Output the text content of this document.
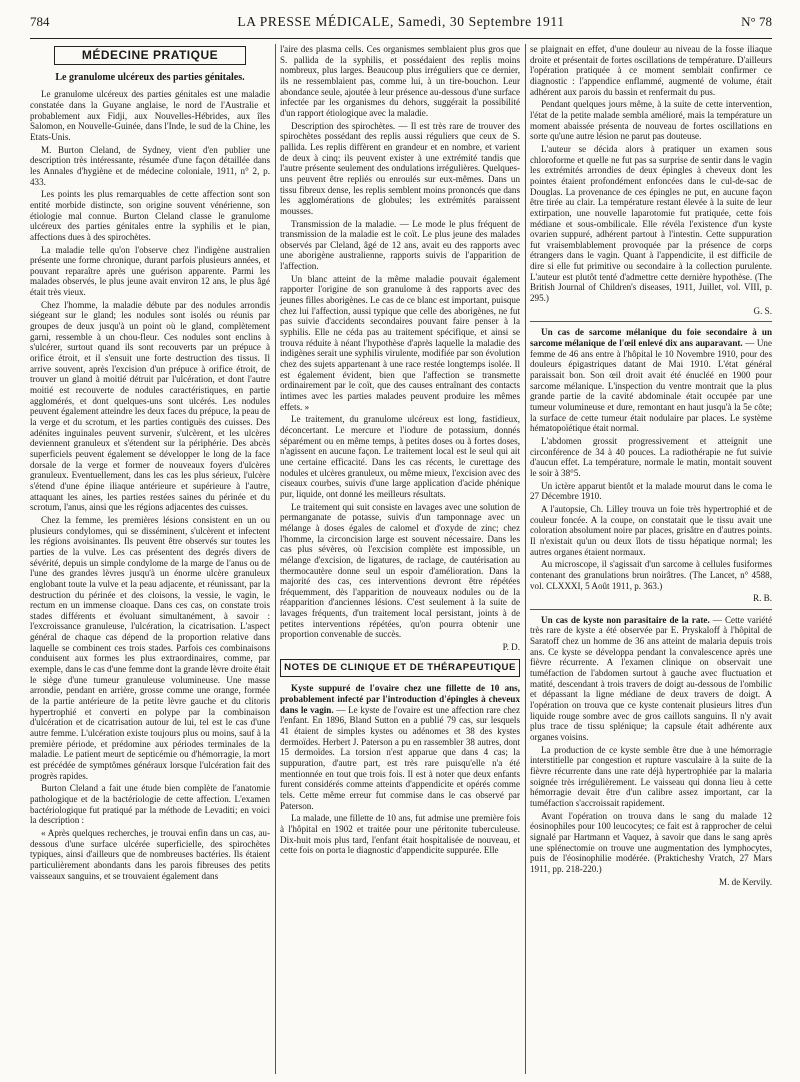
784	LA PRESSE MÉDICALE, Samedi, 30 Septembre 1911	N° 78
MÉDECINE PRATIQUE
Le granulome ulcéreux des parties génitales.

Le granulome ulcéreux des parties génitales est une maladie constatée dans la Guyane anglaise, le nord de l'Australie et probablement aux Fidji, aux Nouvelles-Hébrides, aux îles Salomon, en Nouvelle-Guinée, dans l'Inde, le sud de la Chine, les Etats-Unis.

M. Burton Cleland, de Sydney, vient d'en publier une description très intéressante, résumée d'une façon détaillée dans les Annales d'hygiène et de médecine coloniale, 1911, n° 2, p. 433.

Les points les plus remarquables de cette affection sont son entité morbide distincte, son origine souvent vénérienne, son étiologie mal connue. Burton Cleland classe le granulome ulcéreux des parties génitales entre la syphilis et le pian, affections dues à des spirochètes.

La maladie telle qu'on l'observe chez l'indigène australien présente une forme chronique, durant parfois plusieurs années, et pouvant reparaître après une guérison apparente. Parmi les malades observés, le plus jeune avait environ 12 ans, le plus âgé était très vieux.

Chez l'homme, la maladie débute par des nodules arrondis siégeant sur le gland; les nodules sont isolés ou réunis par groupes de deux jusqu'à un point où le gland, complètement garni, ressemble à un chou-fleur. Ces nodules sont enclins à s'ulcérer, surtout quand ils sont recouverts par un prépuce à orifice étroit, et il s'ensuit une forte destruction des tissus. Il arrive souvent, après l'excision d'un prépuce à orifice étroit, de trouver un gland à moitié détruit par l'ulcération, et dont l'autre moitié est recouverte de nodules caractéristiques, en partie agglomérés, et dont quelques-uns sont ulcérés. Les nodules peuvent également atteindre les deux faces du prépuce, la peau de la verge et du scrotum, et les parties contiguës des cuisses. Des adénites inguinales peuvent survenir, s'ulcèrent, et les ulcères deviennent granuleux et s'étendent sur la périphérie. Des abcès superficiels peuvent également se développer le long de la face dorsale de la verge et former de nouveaux foyers d'ulcères granuleux. Eventuellement, dans les cas les plus sérieux, l'ulcère s'étend d'une épine iliaque antérieure et supérieure à l'autre, attaquant les aines, les parties restées saines du périnée et du scrotum, l'anus, ainsi que les régions adjacentes des cuisses.

Chez la femme, les premières lésions consistent en un ou plusieurs condylomes, qui se disséminent, s'ulcèrent et infectent les régions avoisinantes. Ils peuvent être observés sur toutes les parties de la vulve. Les cas présentent des degrés divers de sévérité, depuis un simple condylome de la marge de l'anus ou de l'une des grandes lèvres jusqu'à un énorme ulcère granuleux englobant toute la vulve et la peau adjacente, et réunissant, par la destruction du périnée et des cloisons, la vessie, le vagin, le rectum en un immense cloaque. Dans ces cas, on constate trois stades différents et évoluant simultanément, à savoir : l'excroissance granuleuse, l'ulcération, la cicatrisation. L'aspect général de chaque cas dépend de la proportion relative dans laquelle se combinent ces trois stades. Parfois ces combinaisons conduisent aux formes les plus extraordinaires, comme, par exemple, dans le cas d'une femme dont la grande lèvre droite était le siège d'une tumeur granuleuse volumineuse. Une masse arrondie, pendant en arrière, grosse comme une orange, formée de la partie antérieure de la petite lèvre gauche et du clitoris hypertrophié et converti en polype par la combinaison d'ulcération et de cicatrisation autour de lui, tel est le cas d'une autre femme. L'ulcération existe toujours plus ou moins, sauf à la première période, et prédomine aux périodes terminales de la maladie. Le patient meurt de septicémie ou d'hémorragie, la mort est précédée de symptômes généraux lorsque l'ulcération fait des progrès rapides.

Burton Cleland a fait une étude bien complète de l'anatomie pathologique et de la bactériologie de cette affection. L'examen bactériologique fut pratiqué par la méthode de Levaditi; en voici la description :

« Après quelques recherches, je trouvai enfin dans un cas, au-dessous d'une surface ulcérée superficielle, des spirochètes typiques, ainsi d'ailleurs que de nombreuses bactéries. Ils étaient particulièrement abondants dans les parois fibreuses des petits vaisseaux sanguins, et se trouvaient également dans

l'aire des plasma cells. Ces organismes semblaient plus gros que S. pallida de la syphilis, et possédaient des replis moins nombreux, plus larges. Beaucoup plus irréguliers que ce dernier, ils ne ressemblaient pas, comme lui, à un tire-bouchon. Leur abondance seule, ajoutée à leur présence au-dessous d'une surface infectée par les organismes du dehors, suggérait la possibilité d'un rapport étiologique avec la maladie.

Description des spirochètes. — Il est très rare de trouver des spirochètes possédant des replis aussi réguliers que ceux de S. pallida. Les replis diffèrent en grandeur et en nombre, et varient de deux à cinq; ils peuvent exister à une extrémité tandis que l'autre présente seulement des ondulations irrégulières. Quelques-uns peuvent être repliés ou enroulés sur eux-mêmes. Dans un tissu fibreux dense, les replis semblent moins prononcés que dans les agglomérations de globules; les extrémités paraissent mousses.

Transmission de la maladie. — Le mode le plus fréquent de transmission de la maladie est le coït. Le plus jeune des malades observés par Cleland, âgé de 12 ans, avait eu des rapports avec une aborigène australienne, rapports suivis de l'apparition de l'affection.

Un blanc atteint de la même maladie pouvait également rapporter l'origine de son granulome à des rapports avec des jeunes filles aborigènes. Le cas de ce blanc est important, puisque chez lui l'affection, aussi typique que celle des aborigènes, ne fut pas suivie d'accidents secondaires pouvant faire penser à la syphilis. Elle ne céda pas au traitement spécifique, et ainsi se trouva réduite à néant l'hypothèse d'après laquelle la maladie des indigènes serait une syphilis virulente, modifiée par son évolution chez des sujets appartenant à une race restée longtemps isolée. Il est également évident, bien que l'affection se transmette ordinairement par le coït, que des causes entraînant des contacts intimes avec les parties malades peuvent produire les mêmes effets. »

Le traitement, du granulome ulcéreux est long, fastidieux, déconcertant. Le mercure et l'iodure de potassium, donnés séparément ou en même temps, à petites doses ou à fortes doses, n'agissent en aucune façon. Le traitement local est le seul qui ait une certaine efficacité. Dans les cas récents, le curettage des nodules et ulcères granuleux, ou même mieux, l'excision avec des ciseaux courbes, suivis d'une large application d'acide phénique pur, liquide, ont donné les meilleurs résultats.

Le traitement qui suit consiste en lavages avec une solution de permanganate de potasse, suivis d'un tamponnage avec un mélange à doses égales de calomel et d'oxyde de zinc; chez l'homme, la circoncision large est souvent nécessaire. Dans les cas plus sévères, où l'excision complète est impossible, un mélange d'excision, de ligatures, de raclage, de cautérisation au thermocautère donne seul un espoir d'amélioration. Dans la majorité des cas, ces interventions devront être répétées fréquemment, dès l'apparition de nouveaux nodules ou de la réapparition d'anciennes lésions. C'est seulement à la suite de lavages fréquents, d'un traitement local persistant, joints à de petites interventions répétées, qu'on pourra obtenir une proportion convenable de succès.

P. D.
NOTES DE CLINIQUE ET DE THÉRAPEUTIQUE

Kyste suppuré de l'ovaire chez une fillette de 10 ans, probablement infecté par l'introduction d'épingles à cheveux dans le vagin. — Le kyste de l'ovaire est une affection rare chez l'enfant. En 1896, Bland Sutton en a publié 79 cas, sur lesquels 41 étaient de simples kystes ou adénomes et 38 des kystes dermoïdes. Herbert J. Paterson a pu en rassembler 38 autres, dont 15 dermoïdes. La torsion n'est apparue que dans 4 cas; la suppuration, d'autre part, est très rare puisqu'elle n'a été mentionnée en tout que trois fois. Il est à noter que deux enfants furent considérés comme atteints d'appendicite et opérés comme tels. Cette même erreur fut commise dans le cas observé par Paterson.

La malade, une fillette de 10 ans, fut admise une première fois à l'hôpital en 1902 et traitée pour une péritonite tuberculeuse. Dix-huit mois plus tard, l'enfant était hospitalisée de nouveau, et cette fois on porta le diagnostic d'appendicite suppurée. Elle

se plaignait en effet, d'une douleur au niveau de la fosse iliaque droite et présentait de fortes oscillations de température. D'ailleurs l'opération pratiquée à ce moment semblait confirmer ce diagnostic : l'appendice enflammé, augmenté de volume, était adhérent aux parois du bassin et renfermait du pus.

Pendant quelques jours même, à la suite de cette intervention, l'état de la petite malade sembla amélioré, mais la température un moment abaissée présenta de nouveau de fortes oscillations en sorte qu'une autre lésion ne parut pas douteuse.

L'auteur se décida alors à pratiquer un examen sous chloroforme et quelle ne fut pas sa surprise de sentir dans le vagin les extrémités arrondies de deux épingles à cheveux dont les pointes étaient profondément enfoncées dans le cul-de-sac de Douglas. La provenance de ces épingles ne put, en aucune façon être tirée au clair. La température restant élevée à la suite de leur extirpation, une nouvelle laparotomie fut pratiquée, cette fois médiane et sous-ombilicale. Elle révéla l'existence d'un kyste ovarien suppuré, adhérent partout à l'intestin. Cette suppuration fut vraisemblablement provoquée par la présence de corps étrangers dans le vagin. Quant à l'appendicite, il est difficile de dire si elle fut primitive ou secondaire à la collection purulente. L'auteur est plutôt tenté d'admettre cette dernière hypothèse. (The British Journal of Children's diseases, 1911, Juillet, vol. VIII, p. 295.)

G. S.

Un cas de sarcome mélanique du foie secondaire à un sarcome mélanique de l'œil enlevé dix ans auparavant. — Une femme de 46 ans entre à l'hôpital le 10 Novembre 1910, pour des douleurs épigastriques datant de Mai 1910. L'état général paraissait bon. Son œil droit avait été énucléé en 1900 pour sarcome mélanique. L'inspection du ventre montrait que la plus grande partie de la cavité abdominale était occupée par une tumeur volumineuse et dure, remontant en haut jusqu'à la 5e côte; la surface de cette tumeur était nodulaire par places. Le système hématopoïétique était normal.

L'abdomen grossit progressivement et atteignit une circonférence de 34 à 40 pouces. La radiothérapie ne fut suivie d'aucun effet. La température, normale le matin, montait souvent le soir à 38°5.

Un ictère apparut bientôt et la malade mourut dans le coma le 27 Décembre 1910.

A l'autopsie, Ch. Lilley trouva un foie très hypertrophié et de couleur foncée. A la coupe, on constatait que le tissu avait une coloration absolument noire par places, grisâtre en d'autres points. Il n'existait qu'un ou deux îlots de tissu hépatique normal; les autres organes étaient normaux.

Au microscope, il s'agissait d'un sarcome à cellules fusiformes contenant des granulations brun noirâtres. (The Lancet, n° 4588, vol. CLXXXI, 5 Août 1911, p. 363.)

R. B.

Un cas de kyste non parasitaire de la rate. — Cette variété très rare de kyste a été observée par E. Pryskaloff à l'hôpital de Saratoff chez un homme de 36 ans atteint de malaria depuis trois ans. Ce kyste se développa pendant la convalescence après une fièvre récurrente. A l'examen clinique on observait une tuméfaction de l'abdomen surtout à gauche avec fluctuation et matité, descendant à trois travers de doigt au-dessous de l'ombilic et dépassant la ligne médiane de deux travers de doigt. A l'opération on trouva que ce kyste contenait plusieurs litres d'un liquide rouge sombre avec de gros caillots sanguins. Il n'y avait plus trace de tissu splénique; la capsule était adhérente aux organes voisins.

La production de ce kyste semble être due à une hémorragie interstitielle par congestion et rupture vasculaire à la suite de la fièvre récurrente dans une rate déjà hypertrophiée par la malaria soignée très irrégulièrement. Le vaisseau qui donna lieu à cette hémorragie devait être d'un calibre assez important, car la tuméfaction s'accroissait rapidement.

Avant l'opération on trouva dans le sang du malade 12 éosinophiles pour 100 leucocytes; ce fait est à rapprocher de celui signalé par Hartmann et Vaquez, à savoir que dans le sang après une splénectomie on trouve une augmentation des lymphocytes, puis de l'éosinophilie modérée. (Prakticheshy Vratch, 27 Mars 1911, pp. 218-220.)

M. de Kervily.
